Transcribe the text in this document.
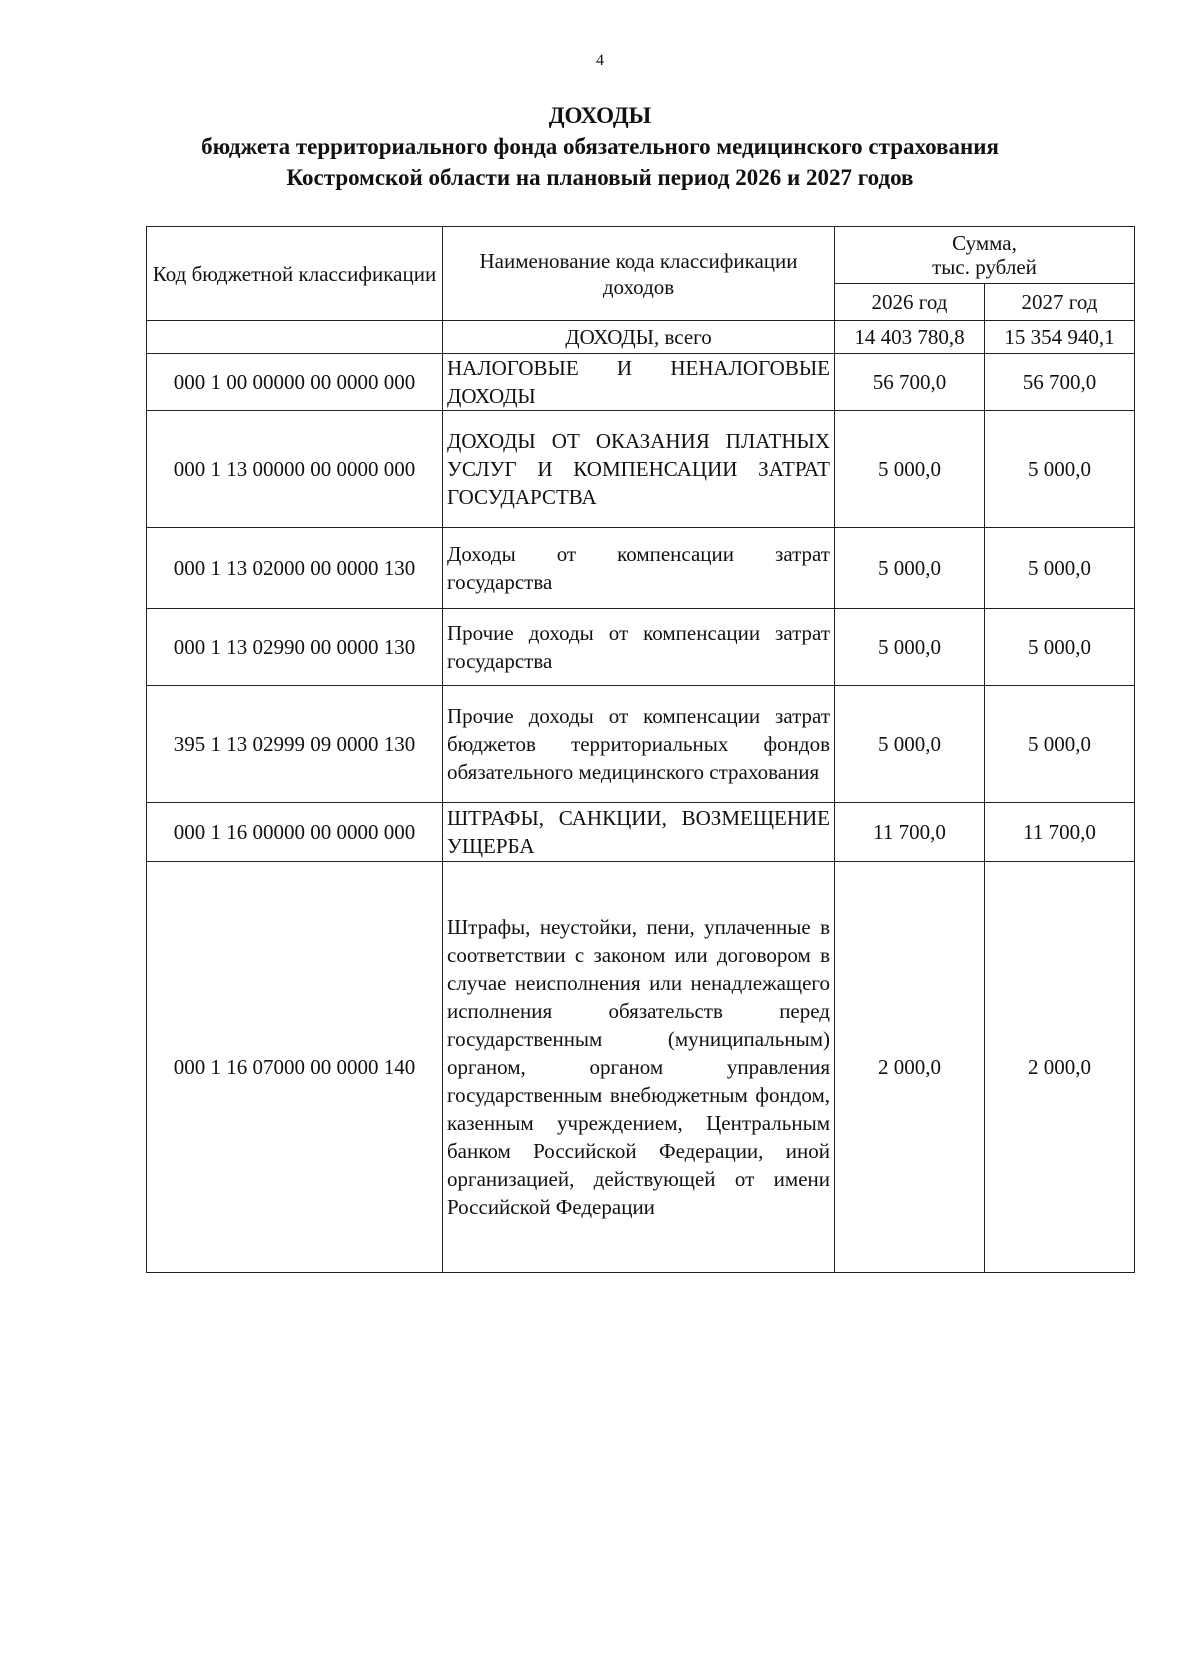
4
ДОХОДЫ
бюджета территориального фонда обязательного медицинского страхования
Костромской области на плановый период 2026 и 2027 годов
Код бюджетной классификации	Наименование кода классификации доходов	Сумма,
тыс. рублей	

		2026 год	2027 год
	ДОХОДЫ, всего	14 403 780,8	15 354 940,1
000 1 00 00000 00 0000 000	НАЛОГОВЫЕ И НЕНАЛОГОВЫЕ ДОХОДЫ	56 700,0	56 700,0
000 1 13 00000 00 0000 000	ДОХОДЫ ОТ ОКАЗАНИЯ ПЛАТНЫХ УСЛУГ И КОМПЕНСАЦИИ ЗАТРАТ ГОСУДАРСТВА	5 000,0	5 000,0
000 1 13 02000 00 0000 130	Доходы от компенсации затрат государства	5 000,0	5 000,0
000 1 13 02990 00 0000 130	Прочие доходы от компенсации затрат государства	5 000,0	5 000,0
395 1 13 02999 09 0000 130	Прочие доходы от компенсации затрат бюджетов территориальных фондов обязательного медицинского страхования	5 000,0	5 000,0
000 1 16 00000 00 0000 000	ШТРАФЫ, САНКЦИИ, ВОЗМЕЩЕНИЕ УЩЕРБА	11 700,0	11 700,0
000 1 16 07000 00 0000 140	Штрафы, неустойки, пени, уплаченные в соответствии с законом или договором в случае неисполнения или ненадлежащего исполнения обязательств перед государственным (муниципальным) органом, органом управления государственным внебюджетным фондом, казенным учреждением, Центральным банком Российской Федерации, иной организацией, действующей от имени Российской Федерации	2 000,0	2 000,0
